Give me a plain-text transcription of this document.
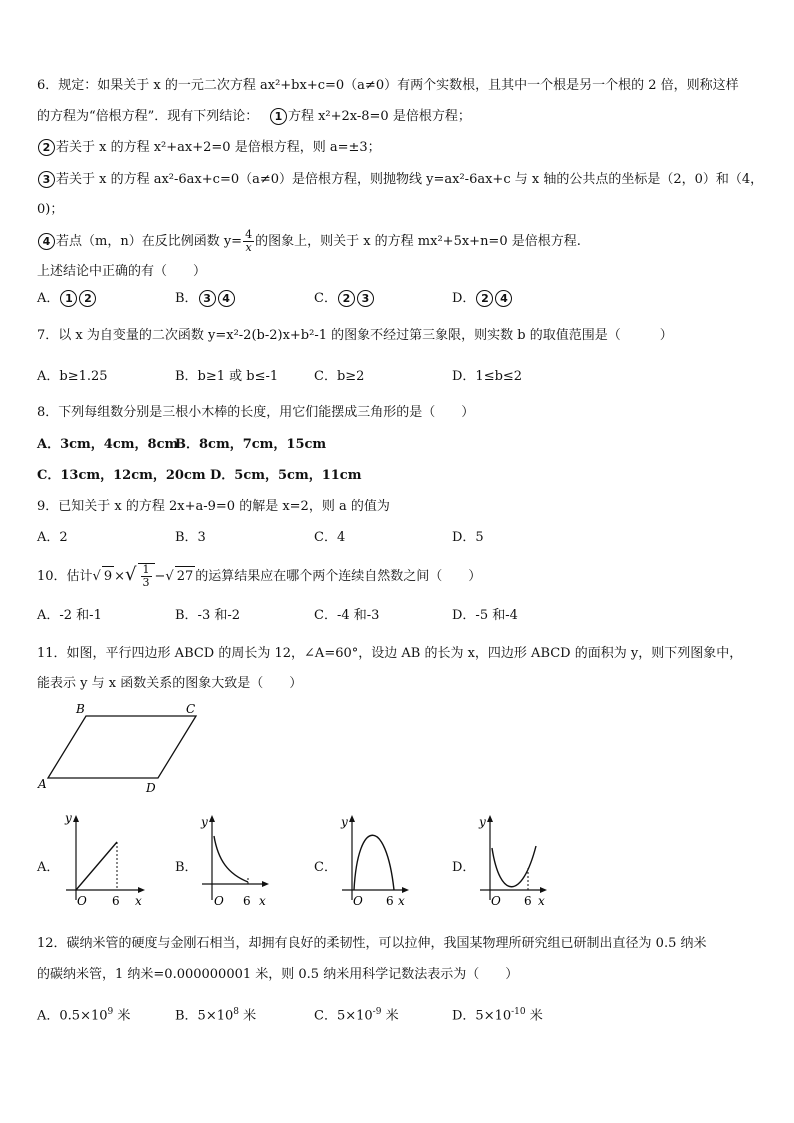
6．规定：如果关于 x 的一元二次方程 ax²+bx+c=0（a≠0）有两个实数根，且其中一个根是另一个根的 2 倍，则称这样
的方程为“倍根方程”．现有下列结论：　 1 方程 x²+2x-8=0 是倍根方程；
2 若关于 x 的方程 x²+ax+2=0 是倍根方程，则 a=±3；
3 若关于 x 的方程 ax²-6ax+c=0（a≠0）是倍根方程，则抛物线 y=ax²-6ax+c 与 x 轴的公共点的坐标是（2，0）和（4，
0)；
4 若点（m，n）在反比例函数 $y= \frac{4}{x}$ 的图象上，则关于 x 的方程 mx²+5x+n=0 是倍根方程.
上述结论中正确的有（　　）
A． 1 2	B． 3 4	C． 2 3	D． 2 4
7．以 x 为自变量的二次函数 y=x²-2(b-2)x+b²-1 的图象不经过第三象限，则实数 b 的取值范围是（　　　）
A．b≥1.25	B．b≥1 或 b≤-1	C．b≥2	D．1≤b≤2
8．下列每组数分别是三根小木棒的长度，用它们能摆成三角形的是（　　）
A．3cm，4cm，8cm
B．8cm，7cm，15cm
C．13cm，12cm，20cm D．5cm，5cm，11cm
9．已知关于 x 的方程 2x+a-9=0 的解是 x=2，则 a 的值为
A．2	B．3	C．4	D．5
10．估计√ 9 ×√ $\frac{1}{3}$ −√ 27 的运算结果应在哪个两个连续自然数之间（　　）
A．-2 和-1	B．-3 和-2	C．-4 和-3	D．-5 和-4
11．如图，平行四边形 ABCD 的周长为 12，∠A=60°，设边 AB 的长为 x，四边形 ABCD 的面积为 y，则下列图象中，
能表示 y 与 x 函数关系的图象大致是（　　）
B	C
A	D
A．
y
O 6 x
B．
y
O 6 x
C．
y
O 6 x
D．
y
O 6 x
12．碳纳米管的硬度与金刚石相当，却拥有良好的柔韧性，可以拉伸，我国某物理所研究组已研制出直径为 0.5 纳米
的碳纳米管，1 纳米=0.000000001 米，则 0.5 纳米用科学记数法表示为（　　）
A．$0.5\times 10^9$ 米	B．$5\times 10^8$ 米	C．$5\times 10^{-9}$ 米	D．$5\times 10^{-10}$ 米
